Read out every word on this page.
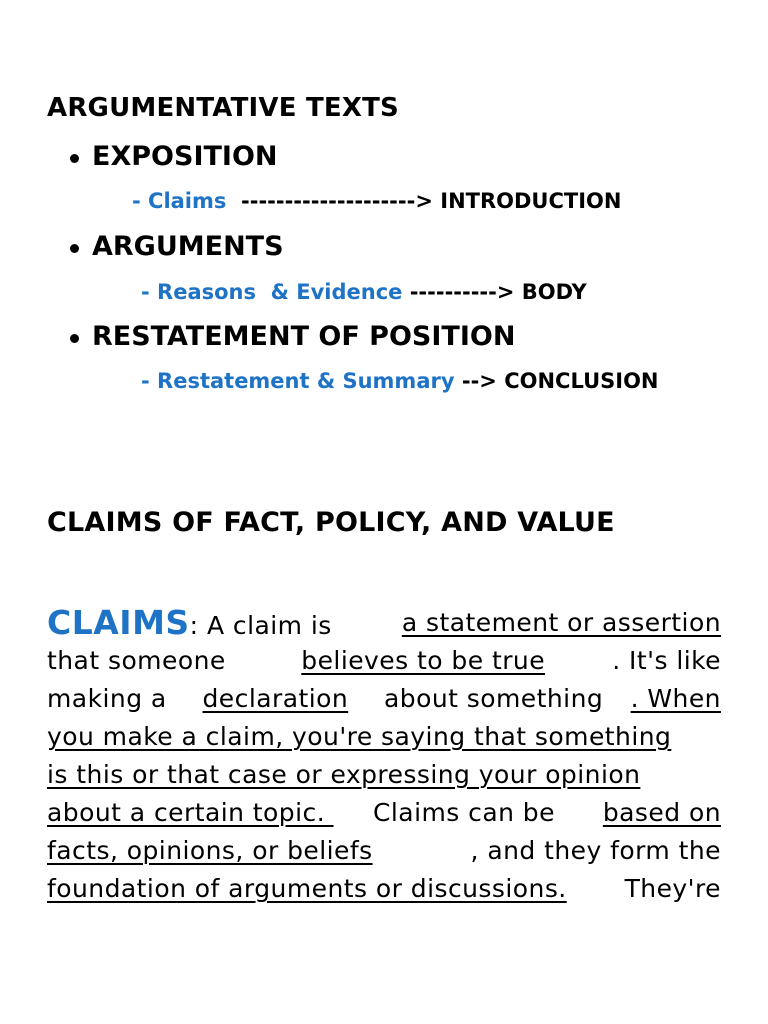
ARGUMENTATIVE TEXTS
EXPOSITION
- Claims --------------------> INTRODUCTION
ARGUMENTS
- Reasons  & Evidence ----------> BODY
RESTATEMENT OF POSITION
- Restatement & Summary --> CONCLUSION
CLAIMS OF FACT, POLICY, AND VALUE
CLAIMS: A claim is a statement or assertion
that someone	believes to be true	. It's like
making a declaration about something . When
you make a claim, you're saying that something
is this or that case or expressing your opinion
about a certain topic. Claims can be based on
facts, opinions, or beliefs	, and they form the
foundation of arguments or discussions. They're
